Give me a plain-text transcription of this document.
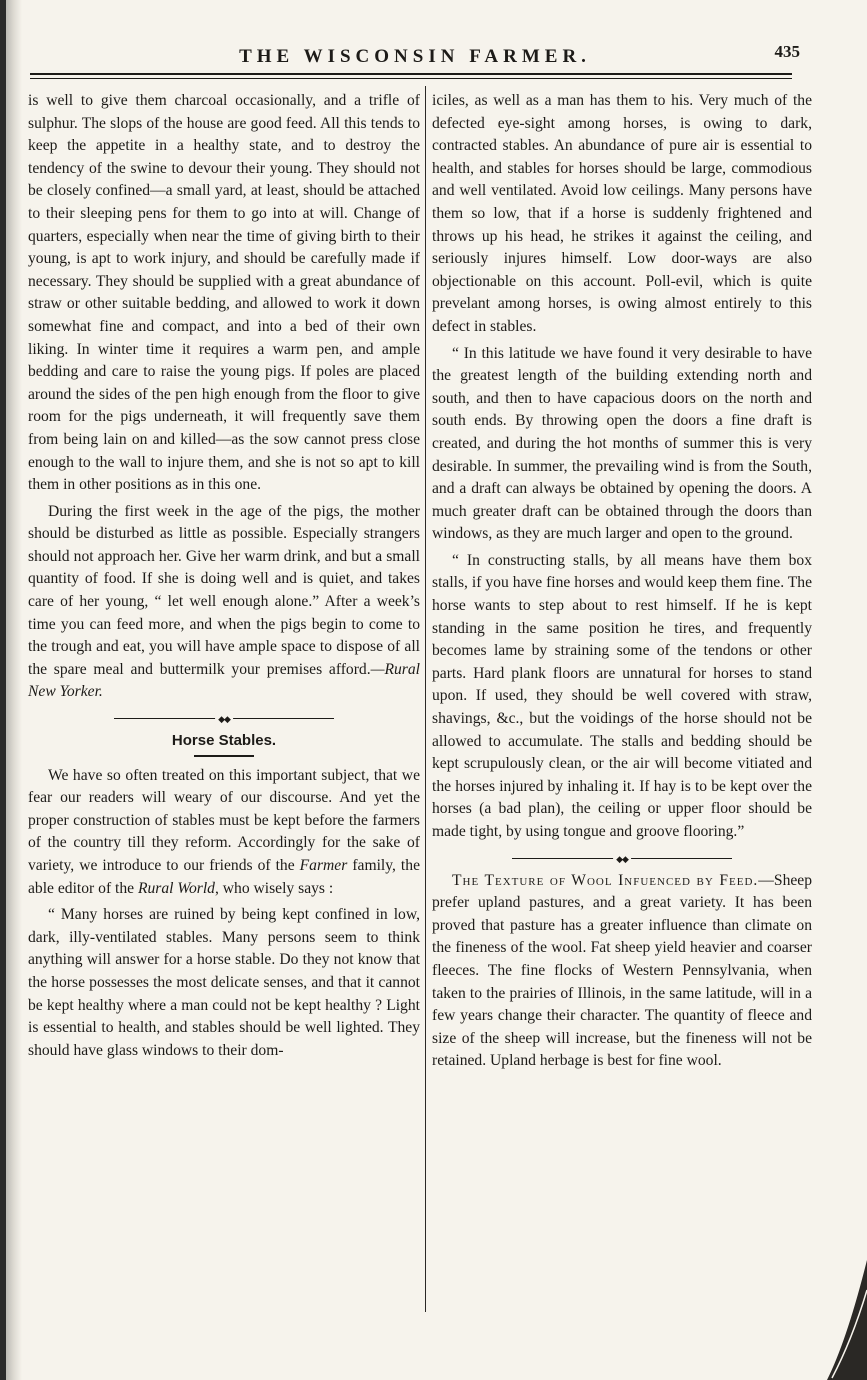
THE WISCONSIN FARMER.	435

is well to give them charcoal occasionally, and a trifle of sulphur. The slops of the house are good feed. All this tends to keep the appetite in a healthy state, and to destroy the tendency of the swine to devour their young. They should not be closely confined—a small yard, at least, should be attached to their sleeping pens for them to go into at will. Change of quarters, especially when near the time of giving birth to their young, is apt to work injury, and should be carefully made if necessary. They should be supplied with a great abundance of straw or other suitable bedding, and allowed to work it down somewhat fine and compact, and into a bed of their own liking. In winter time it requires a warm pen, and ample bedding and care to raise the young pigs. If poles are placed around the sides of the pen high enough from the floor to give room for the pigs underneath, it will frequently save them from being lain on and killed—as the sow cannot press close enough to the wall to injure them, and she is not so apt to kill them in other positions as in this one.

During the first week in the age of the pigs, the mother should be disturbed as little as possible. Especially strangers should not approach her. Give her warm drink, and but a small quantity of food. If she is doing well and is quiet, and takes care of her young, “ let well enough alone.” After a week’s time you can feed more, and when the pigs begin to come to the trough and eat, you will have ample space to dispose of all the spare meal and buttermilk your premises afford.—Rural New Yorker.

◆◆
Horse Stables.

We have so often treated on this important subject, that we fear our readers will weary of our discourse. And yet the proper construction of stables must be kept before the farmers of the country till they reform. Accordingly for the sake of variety, we introduce to our friends of the Farmer family, the able editor of the Rural World, who wisely says :

“ Many horses are ruined by being kept confined in low, dark, illy-ventilated stables. Many persons seem to think anything will answer for a horse stable. Do they not know that the horse possesses the most delicate senses, and that it cannot be kept healthy where a man could not be kept healthy ? Light is essential to health, and stables should be well lighted. They should have glass windows to their dom-

iciles, as well as a man has them to his. Very much of the defected eye-sight among horses, is owing to dark, contracted stables. An abundance of pure air is essential to health, and stables for horses should be large, commodious and well ventilated. Avoid low ceilings. Many persons have them so low, that if a horse is suddenly frightened and throws up his head, he strikes it against the ceiling, and seriously injures himself. Low door-ways are also objectionable on this account. Poll-evil, which is quite prevelant among horses, is owing almost entirely to this defect in stables.

“ In this latitude we have found it very desirable to have the greatest length of the building extending north and south, and then to have capacious doors on the north and south ends. By throwing open the doors a fine draft is created, and during the hot months of summer this is very desirable. In summer, the prevailing wind is from the South, and a draft can always be obtained by opening the doors. A much greater draft can be obtained through the doors than windows, as they are much larger and open to the ground.

“ In constructing stalls, by all means have them box stalls, if you have fine horses and would keep them fine. The horse wants to step about to rest himself. If he is kept standing in the same position he tires, and frequently becomes lame by straining some of the tendons or other parts. Hard plank floors are unnatural for horses to stand upon. If used, they should be well covered with straw, shavings, &c., but the voidings of the horse should not be allowed to accumulate. The stalls and bedding should be kept scrupulously clean, or the air will become vitiated and the horses injured by inhaling it. If hay is to be kept over the horses (a bad plan), the ceiling or upper floor should be made tight, by using tongue and groove flooring.”

◆◆

The Texture of Wool Infuenced by Feed.—Sheep prefer upland pastures, and a great variety. It has been proved that pasture has a greater influence than climate on the fineness of the wool. Fat sheep yield heavier and coarser fleeces. The fine flocks of Western Pennsylvania, when taken to the prairies of Illinois, in the same latitude, will in a few years change their character. The quantity of fleece and size of the sheep will increase, but the fineness will not be retained. Upland herbage is best for fine wool.
